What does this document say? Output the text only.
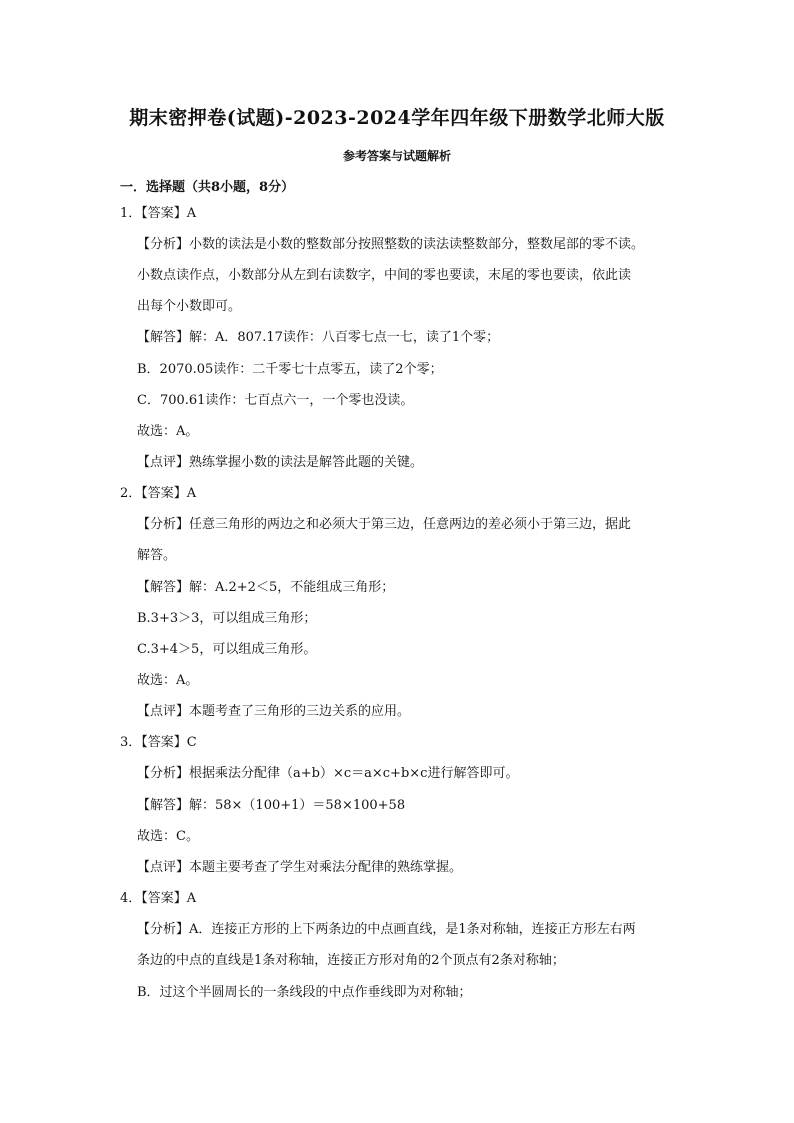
期末密押卷(试题)-2023-2024学年四年级下册数学北师大版

参考答案与试题解析

一．选择题（共8小题，8分）

1．【答案】A

【分析】小数的读法是小数的整数部分按照整数的读法读整数部分，整数尾部的零不读。

小数点读作点，小数部分从左到右读数字，中间的零也要读，末尾的零也要读，依此读

出每个小数即可。

【解答】解：A．807.17读作：八百零七点一七，读了1个零；

B．2070.05读作：二千零七十点零五，读了2个零；

C．700.61读作：七百点六一，一个零也没读。

故选：A。

【点评】熟练掌握小数的读法是解答此题的关键。

2．【答案】A

【分析】任意三角形的两边之和必须大于第三边，任意两边的差必须小于第三边，据此

解答。

【解答】解：A.2+2＜5，不能组成三角形；

B.3+3＞3，可以组成三角形；

C.3+4＞5，可以组成三角形。

故选：A。

【点评】本题考查了三角形的三边关系的应用。

3．【答案】C

【分析】根据乘法分配律（a+b）×c＝a×c+b×c进行解答即可。

【解答】解：58×（100+1）＝58×100+58

故选：C。

【点评】本题主要考查了学生对乘法分配律的熟练掌握。

4．【答案】A

【分析】A．连接正方形的上下两条边的中点画直线，是1条对称轴，连接正方形左右两

条边的中点的直线是1条对称轴，连接正方形对角的2个顶点有2条对称轴；

B．过这个半圆周长的一条线段的中点作垂线即为对称轴；
